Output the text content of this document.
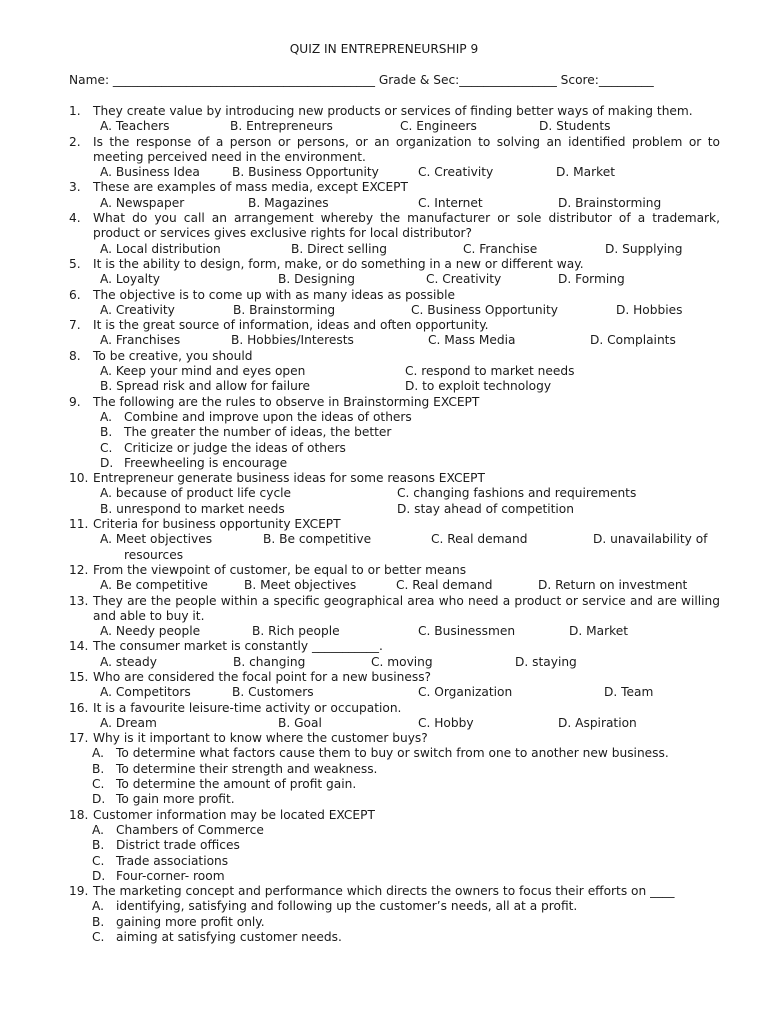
QUIZ IN ENTREPRENEURSHIP 9
Name: ___________________________________________ Grade & Sec:________________ Score:_________
1. They create value by introducing new products or services of finding better ways of making them.
A. Teachers	B. Entrepreneurs	C. Engineers	D. Students
2. Is the response of a person or persons, or an organization to solving an identified problem or to meeting perceived need in the environment.
A. Business Idea	B. Business Opportunity	C. Creativity	D. Market
3. These are examples of mass media, except EXCEPT
A. Newspaper	B. Magazines	C. Internet	D. Brainstorming
4. What do you call an arrangement whereby the manufacturer or sole distributor of a trademark, product or services gives exclusive rights for local distributor?
A. Local distribution	B. Direct selling	C. Franchise	D. Supplying
5. It is the ability to design, form, make, or do something in a new or different way.
A. Loyalty	B. Designing	C. Creativity	D. Forming
6. The objective is to come up with as many ideas as possible
A. Creativity	B. Brainstorming	C. Business Opportunity	D. Hobbies
7. It is the great source of information, ideas and often opportunity.
A. Franchises	B. Hobbies/Interests	C. Mass Media	D. Complaints
8. To be creative, you should
A. Keep your mind and eyes open	C. respond to market needs
B. Spread risk and allow for failure	D. to exploit technology
9. The following are the rules to observe in Brainstorming EXCEPT
A. Combine and improve upon the ideas of others
B. The greater the number of ideas, the better
C. Criticize or judge the ideas of others
D. Freewheeling is encourage
10. Entrepreneur generate business ideas for some reasons EXCEPT
A. because of product life cycle	C. changing fashions and requirements
B. unrespond to market needs	D. stay ahead of competition
11. Criteria for business opportunity EXCEPT
A. Meet objectives	B. Be competitive	C. Real demand	D. unavailability of
resources
12. From the viewpoint of customer, be equal to or better means
A. Be competitive	B. Meet objectives	C. Real demand	D. Return on investment
13. They are the people within a specific geographical area who need a product or service and are willing and able to buy it.
A. Needy people	B. Rich people	C. Businessmen	D. Market
14. The consumer market is constantly ___________.
A. steady	B. changing	C. moving	D. staying
15. Who are considered the focal point for a new business?
A. Competitors	B. Customers	C. Organization	D. Team
16. It is a favourite leisure-time activity or occupation.
A. Dream	B. Goal	C. Hobby	D. Aspiration
17. Why is it important to know where the customer buys?
A. To determine what factors cause them to buy or switch from one to another new business.
B. To determine their strength and weakness.
C. To determine the amount of profit gain.
D. To gain more profit.
18. Customer information may be located EXCEPT
A. Chambers of Commerce
B. District trade offices
C. Trade associations
D. Four-corner- room
19. The marketing concept and performance which directs the owners to focus their efforts on ____
A. identifying, satisfying and following up the customer’s needs, all at a profit.
B. gaining more profit only.
C. aiming at satisfying customer needs.
